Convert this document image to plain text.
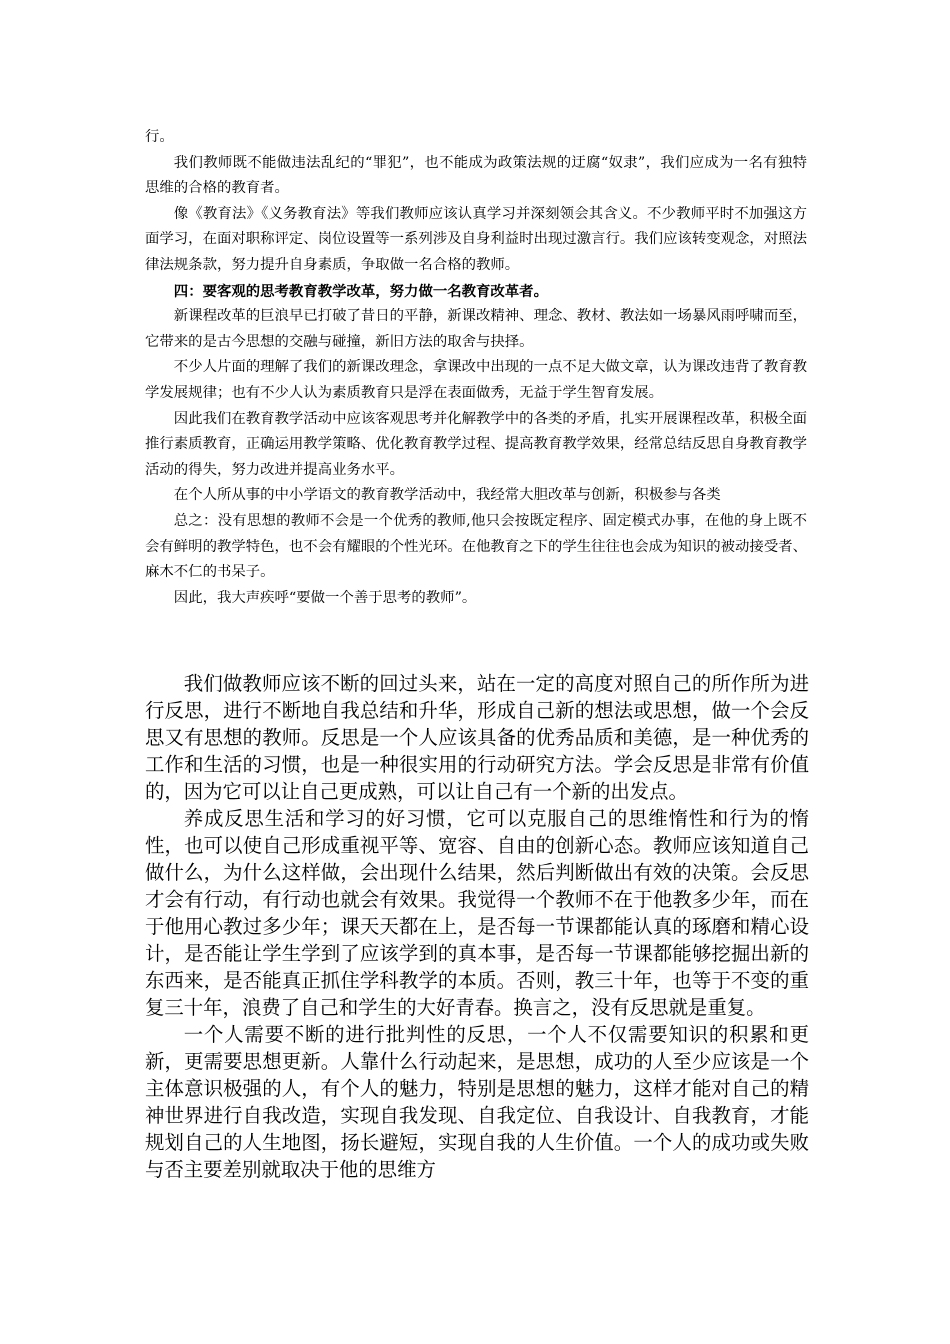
行。

我们教师既不能做违法乱纪的“罪犯”，也不能成为政策法规的迂腐“奴隶”，我们应成为一名有独特思维的合格的教育者。

像《教育法》《义务教育法》等我们教师应该认真学习并深刻领会其含义。不少教师平时不加强这方面学习，在面对职称评定、岗位设置等一系列涉及自身利益时出现过激言行。我们应该转变观念，对照法律法规条款，努力提升自身素质，争取做一名合格的教师。

四：要客观的思考教育教学改革，努力做一名教育改革者。

新课程改革的巨浪早已打破了昔日的平静，新课改精神、理念、教材、教法如一场暴风雨呼啸而至，它带来的是古今思想的交融与碰撞，新旧方法的取舍与抉择。

不少人片面的理解了我们的新课改理念，拿课改中出现的一点不足大做文章，认为课改违背了教育教学发展规律；也有不少人认为素质教育只是浮在表面做秀，无益于学生智育发展。

因此我们在教育教学活动中应该客观思考并化解教学中的各类的矛盾，扎实开展课程改革，积极全面推行素质教育，正确运用教学策略、优化教育教学过程、提高教育教学效果，经常总结反思自身教育教学活动的得失，努力改进并提高业务水平。

在个人所从事的中小学语文的教育教学活动中，我经常大胆改革与创新，积极参与各类

总之：没有思想的教师不会是一个优秀的教师,他只会按既定程序、固定模式办事，在他的身上既不会有鲜明的教学特色，也不会有耀眼的个性光环。在他教育之下的学生往往也会成为知识的被动接受者、麻木不仁的书呆子。

因此，我大声疾呼“要做一个善于思考的教师”。

我们做教师应该不断的回过头来，站在一定的高度对照自己的所作所为进行反思，进行不断地自我总结和升华，形成自己新的想法或思想，做一个会反思又有思想的教师。反思是一个人应该具备的优秀品质和美德，是一种优秀的工作和生活的习惯，也是一种很实用的行动研究方法。学会反思是非常有价值的，因为它可以让自己更成熟，可以让自己有一个新的出发点。

养成反思生活和学习的好习惯，它可以克服自己的思维惰性和行为的惰性，也可以使自己形成重视平等、宽容、自由的创新心态。教师应该知道自己做什么，为什么这样做，会出现什么结果，然后判断做出有效的决策。会反思才会有行动，有行动也就会有效果。我觉得一个教师不在于他教多少年，而在于他用心教过多少年；课天天都在上，是否每一节课都能认真的琢磨和精心设计，是否能让学生学到了应该学到的真本事，是否每一节课都能够挖掘出新的东西来，是否能真正抓住学科教学的本质。否则，教三十年，也等于不变的重复三十年，浪费了自己和学生的大好青春。换言之，没有反思就是重复。

一个人需要不断的进行批判性的反思，一个人不仅需要知识的积累和更新，更需要思想更新。人靠什么行动起来，是思想，成功的人至少应该是一个主体意识极强的人，有个人的魅力，特别是思想的魅力，这样才能对自己的精神世界进行自我改造，实现自我发现、自我定位、自我设计、自我教育，才能规划自己的人生地图，扬长避短，实现自我的人生价值。一个人的成功或失败与否主要差别就取决于他的思维方
